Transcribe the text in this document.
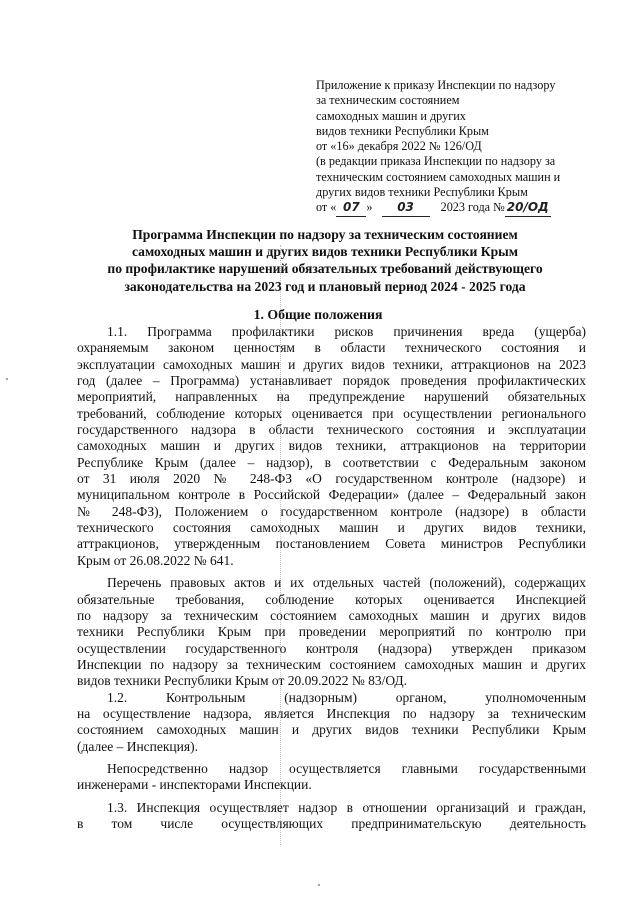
Приложение к приказу Инспекции по надзору
за техническим состоянием
самоходных машин и других
видов техники Республики Крым
от «16» декабря 2022 № 126/ОД
(в редакции приказа Инспекции по надзору за
техническим состоянием самоходных машин и
других видов техники Республики Крым
от « 07 » 03 2023 года № 20/ОД
Программа Инспекции по надзору за техническим состоянием
самоходных машин и других видов техники Республики Крым
по профилактике нарушений обязательных требований действующего
законодательства на 2023 год и плановый период 2024 - 2025 года
1. Общие положения
1.1. Программа профилактики рисков причинения вреда (ущерба)
охраняемым законом ценностям в области технического состояния и
эксплуатации самоходных машин и других видов техники, аттракционов на 2023
год (далее – Программа) устанавливает порядок проведения профилактических
мероприятий, направленных на предупреждение нарушений обязательных
требований, соблюдение которых оценивается при осуществлении регионального
государственного надзора в области технического состояния и эксплуатации
самоходных машин и других видов техники, аттракционов на территории
Республике Крым (далее – надзор), в соответствии с Федеральным законом
от 31 июля 2020 № 248-ФЗ «О государственном контроле (надзоре) и
муниципальном контроле в Российской Федерации» (далее – Федеральный закон
№ 248-ФЗ), Положением о государственном контроле (надзоре) в области
технического состояния самоходных машин и других видов техники,
аттракционов, утвержденным постановлением Совета министров Республики
Крым от 26.08.2022 № 641.
Перечень правовых актов и их отдельных частей (положений), содержащих
обязательные требования, соблюдение которых оценивается Инспекцией
по надзору за техническим состоянием самоходных машин и других видов
техники Республики Крым при проведении мероприятий по контролю при
осуществлении государственного контроля (надзора) утвержден приказом
Инспекции по надзору за техническим состоянием самоходных машин и других
видов техники Республики Крым от 20.09.2022 № 83/ОД.
1.2. Контрольным (надзорным) органом, уполномоченным
на осуществление надзора, является Инспекция по надзору за техническим
состоянием самоходных машин и других видов техники Республики Крым
(далее – Инспекция).
Непосредственно надзор осуществляется главными государственными
инженерами - инспекторами Инспекции.
1.3. Инспекция осуществляет надзор в отношении организаций и граждан,
в том числе осуществляющих предпринимательскую деятельность
